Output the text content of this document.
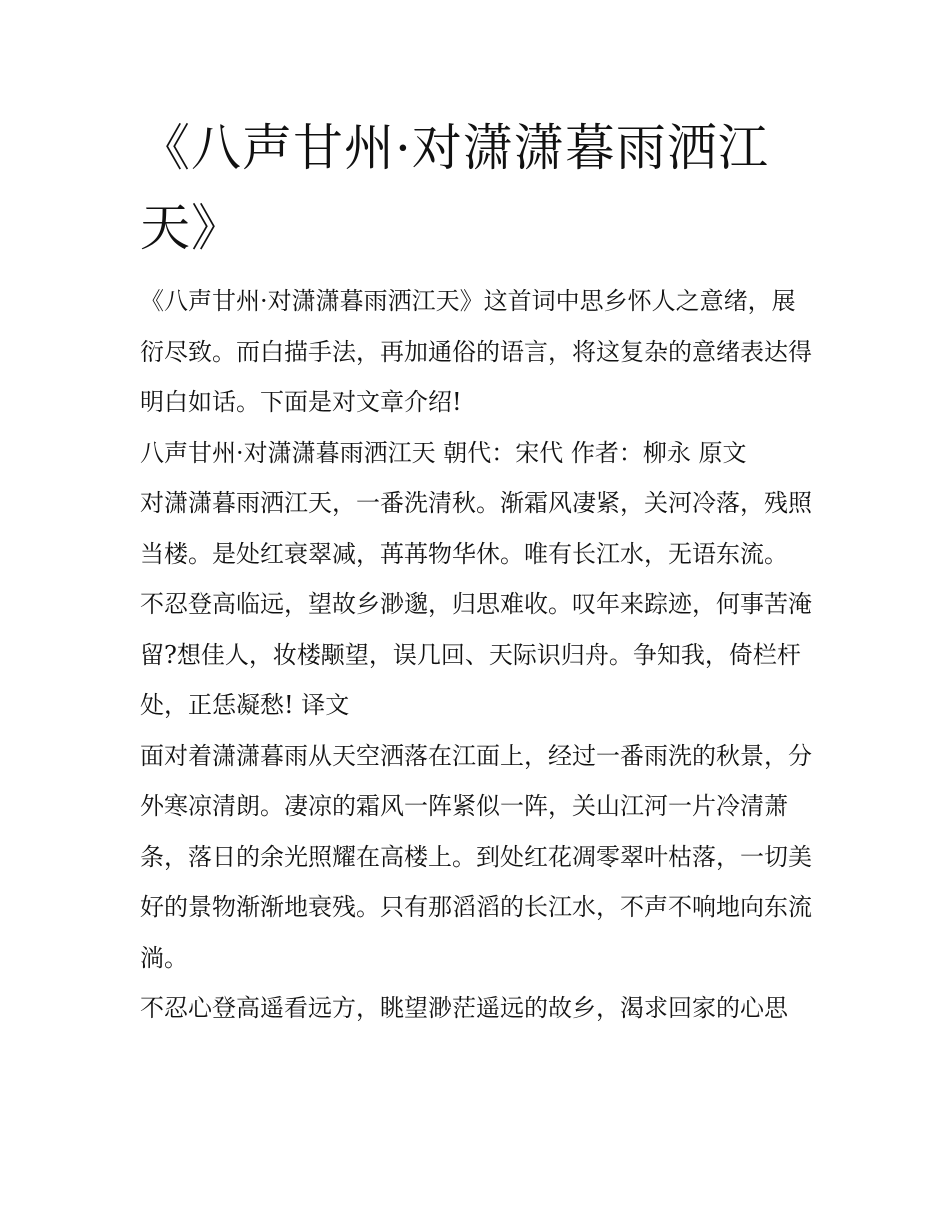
《八声甘州·对潇潇暮雨洒江天》

《八声甘州·对潇潇暮雨洒江天》这首词中思乡怀人之意绪，展衍尽致。而白描手法，再加通俗的语言，将这复杂的意绪表达得明白如话。下面是对文章介绍!

八声甘州·对潇潇暮雨洒江天 朝代：宋代 作者：柳永 原文

对潇潇暮雨洒江天，一番洗清秋。渐霜风凄紧，关河冷落，残照当楼。是处红衰翠减，苒苒物华休。唯有长江水，无语东流。

不忍登高临远，望故乡渺邈，归思难收。叹年来踪迹，何事苦淹留?想佳人，妆楼颙望，误几回、天际识归舟。争知我，倚栏杆处，正恁凝愁! 译文

面对着潇潇暮雨从天空洒落在江面上，经过一番雨洗的秋景，分外寒凉清朗。凄凉的霜风一阵紧似一阵，关山江河一片冷清萧条，落日的余光照耀在高楼上。到处红花凋零翠叶枯落，一切美好的景物渐渐地衰残。只有那滔滔的长江水，不声不响地向东流淌。

不忍心登高遥看远方，眺望渺茫遥远的故乡，渴求回家的心思
